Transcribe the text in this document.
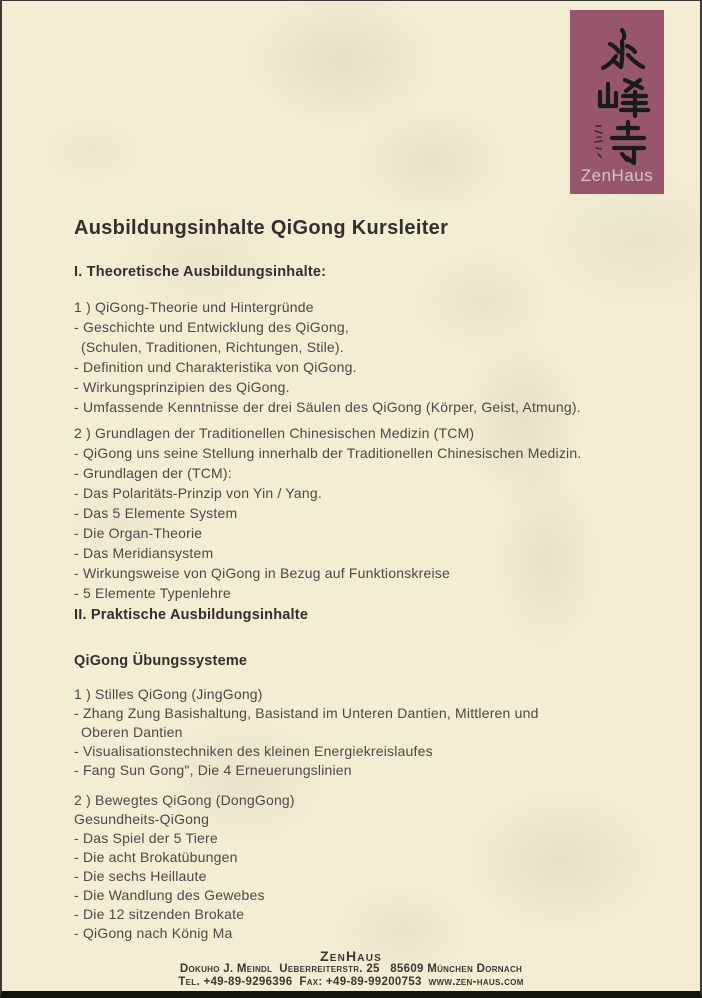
ZenHaus
Ausbildungsinhalte QiGong Kursleiter
I. Theoretische Ausbildungsinhalte:
1 ) QiGong-Theorie und Hintergründe
- Geschichte und Entwicklung des QiGong,
(Schulen, Traditionen, Richtungen, Stile).
- Definition und Charakteristika von QiGong.
- Wirkungsprinzipien des QiGong.
- Umfassende Kenntnisse der drei Säulen des QiGong (Körper, Geist, Atmung).
2 ) Grundlagen der Traditionellen Chinesischen Medizin (TCM)
- QiGong uns seine Stellung innerhalb der Traditionellen Chinesischen Medizin.
- Grundlagen der (TCM):
- Das Polaritäts-Prinzip von Yin / Yang.
- Das 5 Elemente System
- Die Organ-Theorie
- Das Meridiansystem
- Wirkungsweise von QiGong in Bezug auf Funktionskreise
- 5 Elemente Typenlehre
II. Praktische Ausbildungsinhalte
QiGong Übungssysteme
1 ) Stilles QiGong (JingGong)
- Zhang Zung Basishaltung, Basistand im Unteren Dantien, Mittleren und
Oberen Dantien
- Visualisationstechniken des kleinen Energiekreislaufes
- Fang Sun Gong", Die 4 Erneuerungslinien
2 ) Bewegtes QiGong (DongGong)
Gesundheits-QiGong
- Das Spiel der 5 Tiere
- Die acht Brokatübungen
- Die sechs Heillaute
- Die Wandlung des Gewebes
- Die 12 sitzenden Brokate
- QiGong nach König Ma
ZenHaus
Dokuho J. Meindl  Ueberreiterstr. 25   85609 München Dornach
Tel. +49-89-9296396  Fax: +49-89-99200753  www.zen-haus.com
